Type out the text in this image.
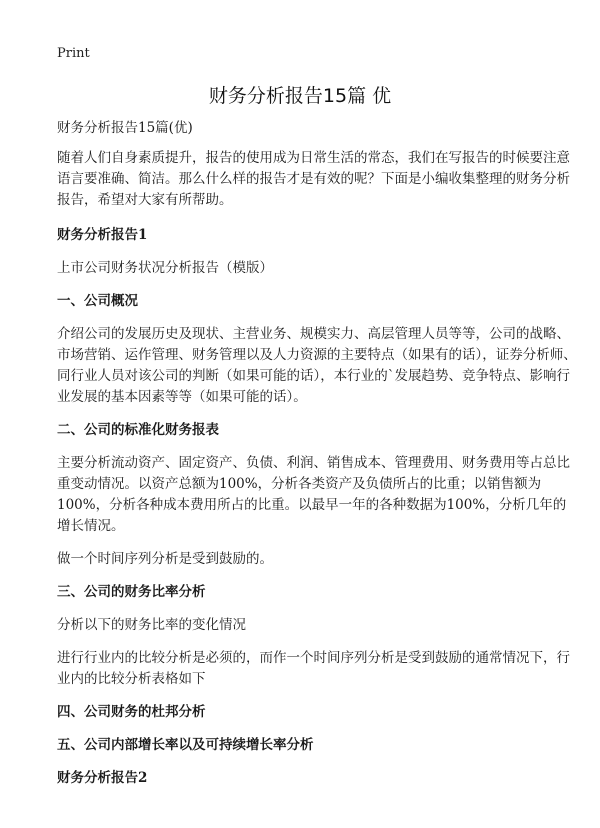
Print
财务分析报告15篇 优

财务分析报告15篇(优)

随着人们自身素质提升，报告的使用成为日常生活的常态，我们在写报告的时候要注意语言要准确、简洁。那么什么样的报告才是有效的呢？下面是小编收集整理的财务分析报告，希望对大家有所帮助。

财务分析报告1

上市公司财务状况分析报告（模版）

一、公司概况

介绍公司的发展历史及现状、主营业务、规模实力、高层管理人员等等，公司的战略、市场营销、运作管理、财务管理以及人力资源的主要特点（如果有的话），证券分析师、同行业人员对该公司的判断（如果可能的话），本行业的`发展趋势、竞争特点、影响行业发展的基本因素等等（如果可能的话）。

二、公司的标准化财务报表

主要分析流动资产、固定资产、负债、利润、销售成本、管理费用、财务费用等占总比重变动情况。以资产总额为100%，分析各类资产及负债所占的比重；以销售额为100%，分析各种成本费用所占的比重。以最早一年的各种数据为100%，分析几年的增长情况。

做一个时间序列分析是受到鼓励的。

三、公司的财务比率分析

分析以下的财务比率的变化情况

进行行业内的比较分析是必须的，而作一个时间序列分析是受到鼓励的通常情况下，行业内的比较分析表格如下

四、公司财务的杜邦分析

五、公司内部增长率以及可持续增长率分析

财务分析报告2
